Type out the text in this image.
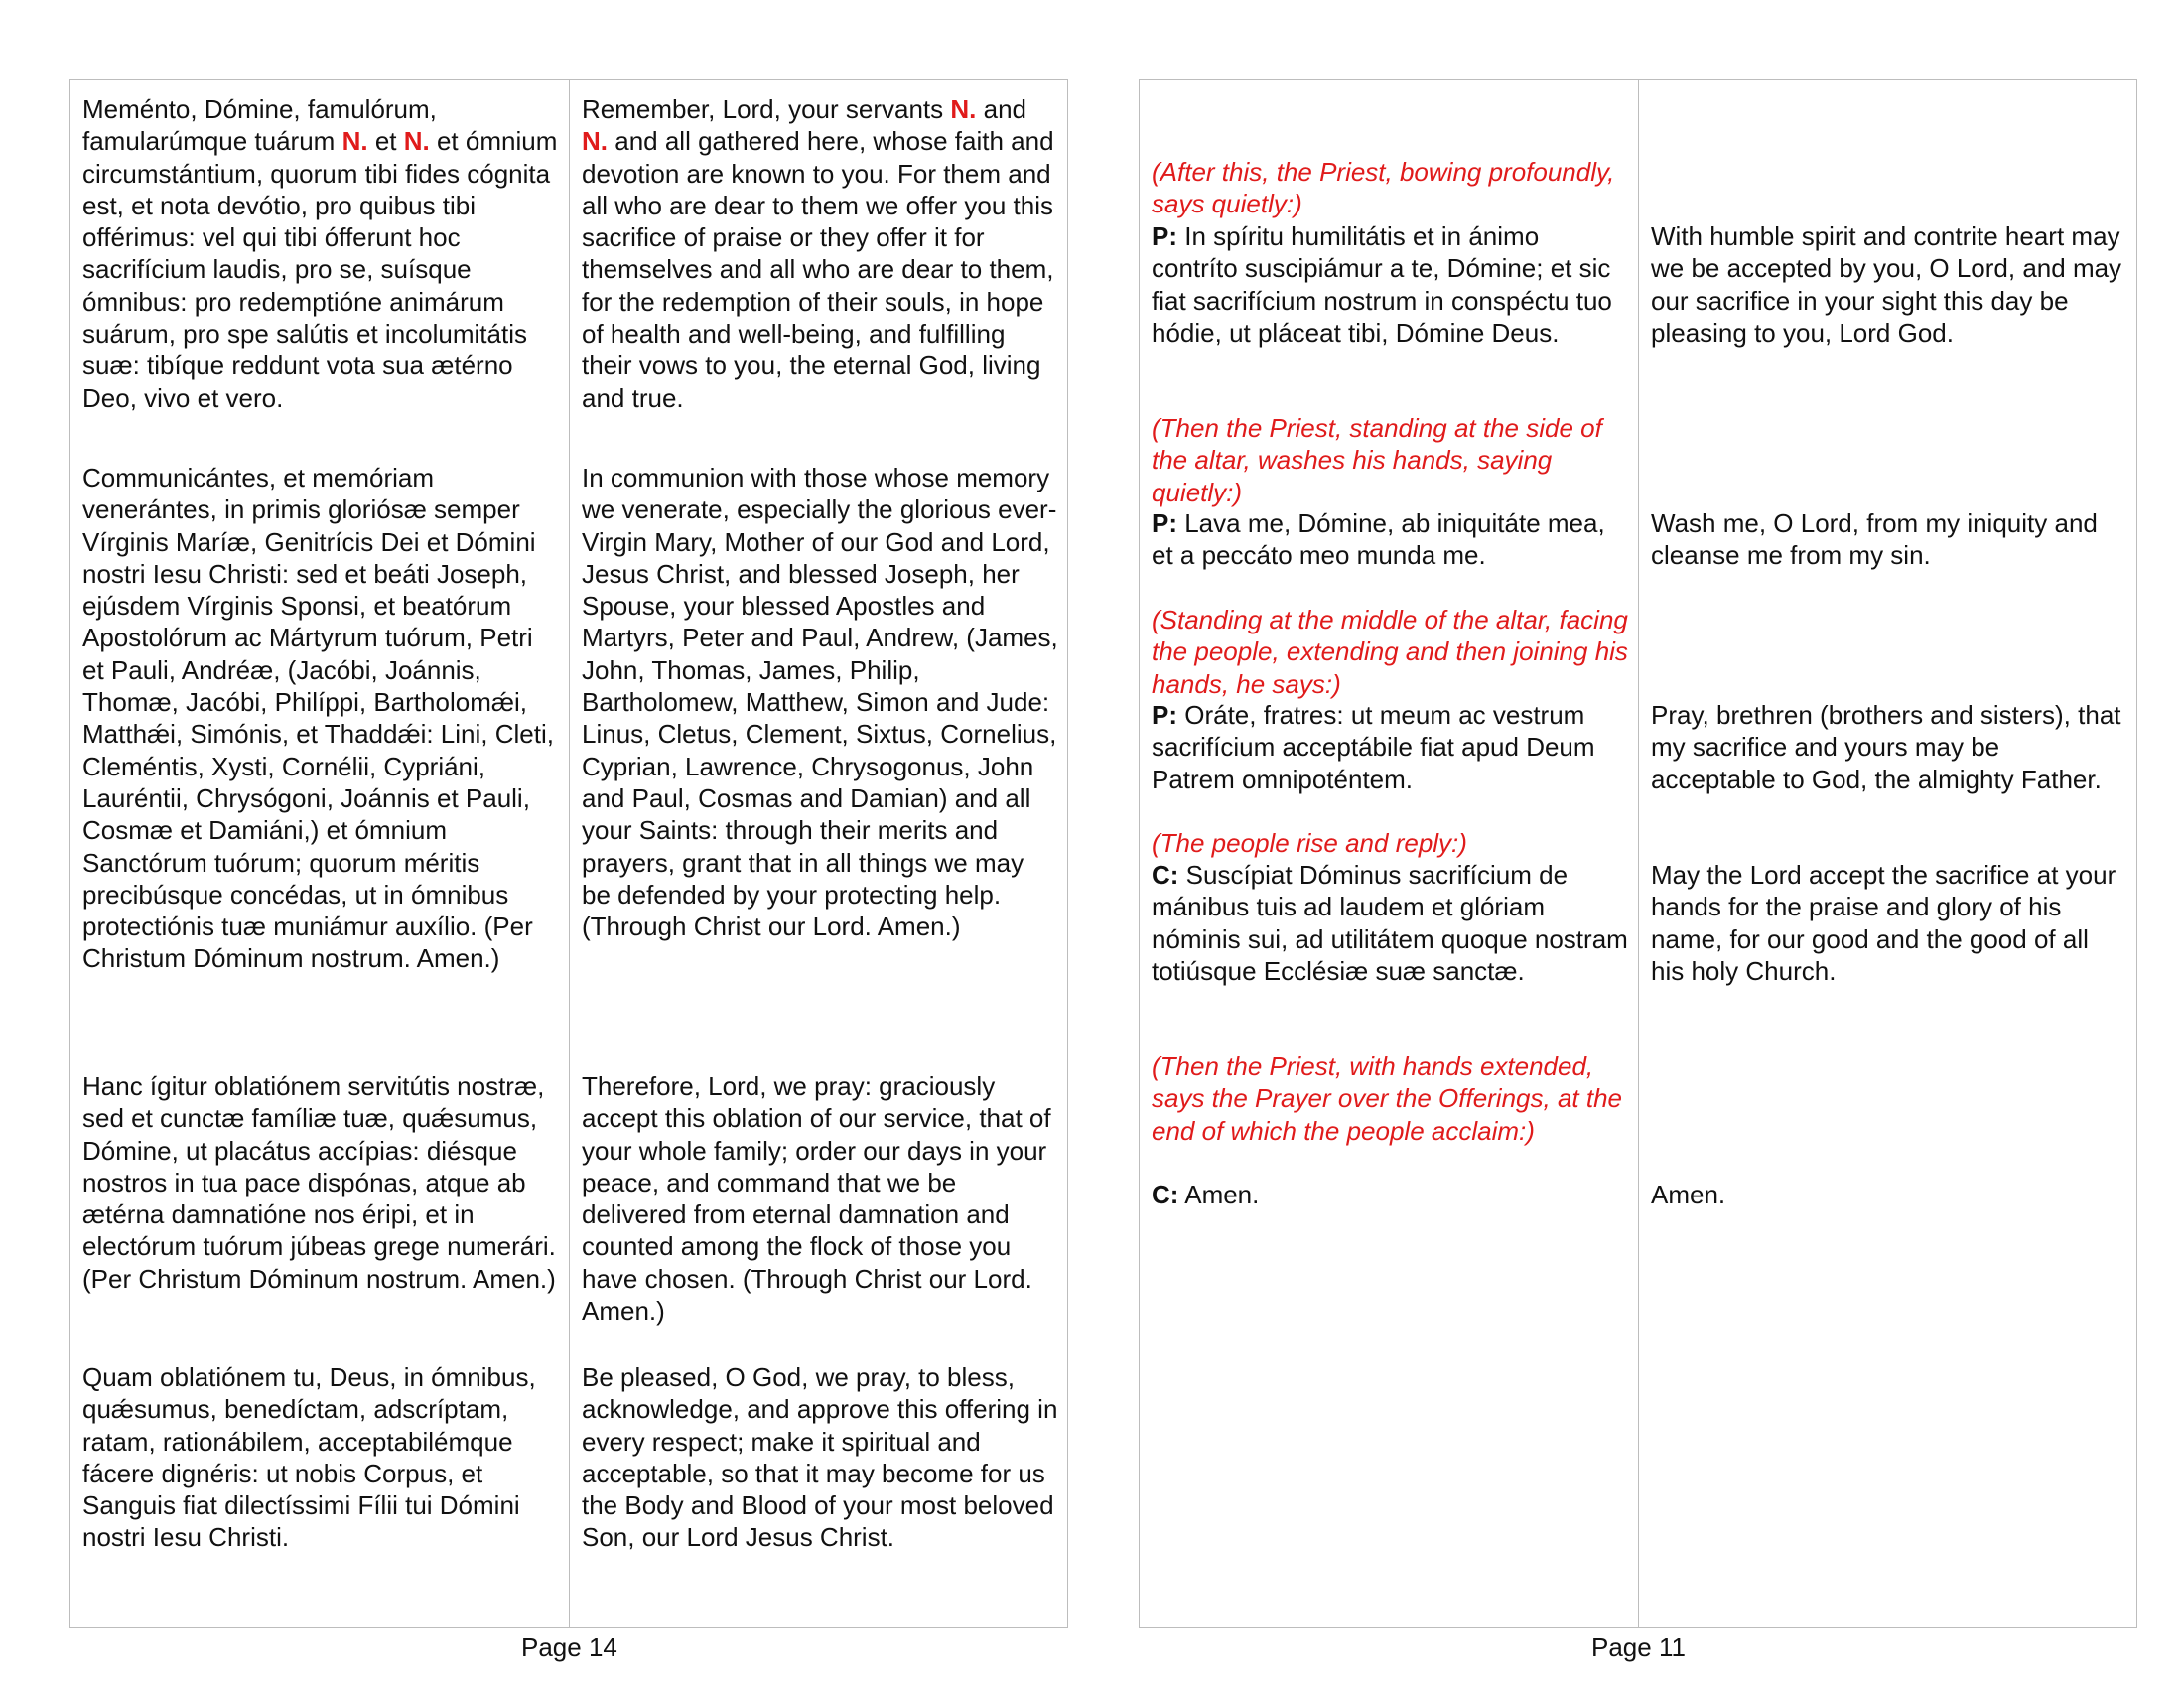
Meménto, Dómine, famulórum, famularúmque tuárum N. et N. et ómnium circumstántium, quorum tibi fides cógnita est, et nota devótio, pro quibus tibi offérimus: vel qui tibi ófferunt hoc sacrifícium laudis, pro se, suísque ómnibus: pro redemptióne animárum suárum, pro spe salútis et incolumitátis suæ: tibíque reddunt vota sua ætérno Deo, vivo et vero.
Communicántes, et memóriam venerántes, in primis gloriósæ semper Vírginis Maríæ, Genitrícis Dei et Dómini nostri Iesu Christi: sed et beáti Joseph, ejúsdem Vírginis Sponsi, et beatórum Apostolórum ac Mártyrum tuórum, Petri et Pauli, Andréæ, (Jacóbi, Joánnis, Thomæ, Jacóbi, Philíppi, Bartholomǽi, Matthǽi, Simónis, et Thaddǽi: Lini, Cleti, Cleméntis, Xysti, Cornélii, Cypriáni, Lauréntii, Chrysógoni, Joánnis et Pauli, Cosmæ et Damiáni,) et ómnium Sanctórum tuórum; quorum méritis precibúsque concédas, ut in ómnibus protectiónis tuæ muniámur auxílio. (Per Christum Dóminum nostrum. Amen.)
Hanc ígitur oblatiónem servitútis nostræ, sed et cunctæ famíliæ tuæ, quǽsumus, Dómine, ut placátus accípias: diésque nostros in tua pace dispónas, atque ab ætérna damnatióne nos éripi, et in electórum tuórum júbeas grege numerári. (Per Christum Dóminum nostrum. Amen.)
Quam oblatiónem tu, Deus, in ómnibus, quǽsumus, benedíctam, adscríptam, ratam, rationábilem, acceptabilémque fácere dignéris: ut nobis Corpus, et Sanguis fiat dilectíssimi Fílii tui Dómini nostri Iesu Christi.
Remember, Lord, your servants N. and N. and all gathered here, whose faith and devotion are known to you. For them and all who are dear to them we offer you this sacrifice of praise or they offer it for themselves and all who are dear to them, for the redemption of their souls, in hope of health and well-being, and fulfilling their vows to you, the eternal God, living and true.
In communion with those whose memory we venerate, especially the glorious ever-Virgin Mary, Mother of our God and Lord, Jesus Christ, and blessed Joseph, her Spouse, your blessed Apostles and Martyrs, Peter and Paul, Andrew, (James, John, Thomas, James, Philip, Bartholomew, Matthew, Simon and Jude: Linus, Cletus, Clement, Sixtus, Cornelius, Cyprian, Lawrence, Chrysogonus, John and Paul, Cosmas and Damian) and all your Saints: through their merits and prayers, grant that in all things we may be defended by your protecting help. (Through Christ our Lord. Amen.)
Therefore, Lord, we pray: graciously accept this oblation of our service, that of your whole family; order our days in your peace, and command that we be delivered from eternal damnation and counted among the flock of those you have chosen. (Through Christ our Lord. Amen.)
Be pleased, O God, we pray, to bless, acknowledge, and approve this offering in every respect; make it spiritual and acceptable, so that it may become for us the Body and Blood of your most beloved Son, our Lord Jesus Christ.
Page 14
(After this, the Priest, bowing profoundly, says quietly:)
P: In spíritu humilitátis et in ánimo contríto suscipiámur a te, Dómine; et sic fiat sacrifícium nostrum in conspéctu tuo hódie, ut pláceat tibi, Dómine Deus.
(Then the Priest, standing at the side of the altar, washes his hands, saying quietly:)
P: Lava me, Dómine, ab iniquitáte mea, et a peccáto meo munda me.
(Standing at the middle of the altar, facing the people, extending and then joining his hands, he says:)
P: Oráte, fratres: ut meum ac vestrum sacrifícium acceptábile fiat apud Deum Patrem omnipoténtem.
(The people rise and reply:)
C: Suscípiat Dóminus sacrifícium de mánibus tuis ad laudem et glóriam nóminis sui, ad utilitátem quoque nostram totiúsque Ecclésiæ suæ sanctæ.
(Then the Priest, with hands extended, says the Prayer over the Offerings, at the end of which the people acclaim:)
C: Amen.
With humble spirit and contrite heart may we be accepted by you, O Lord, and may our sacrifice in your sight this day be pleasing to you, Lord God.
Wash me, O Lord, from my iniquity and cleanse me from my sin.
Pray, brethren (brothers and sisters), that my sacrifice and yours may be acceptable to God, the almighty Father.
May the Lord accept the sacrifice at your hands for the praise and glory of his name, for our good and the good of all his holy Church.
Amen.
Page 11
